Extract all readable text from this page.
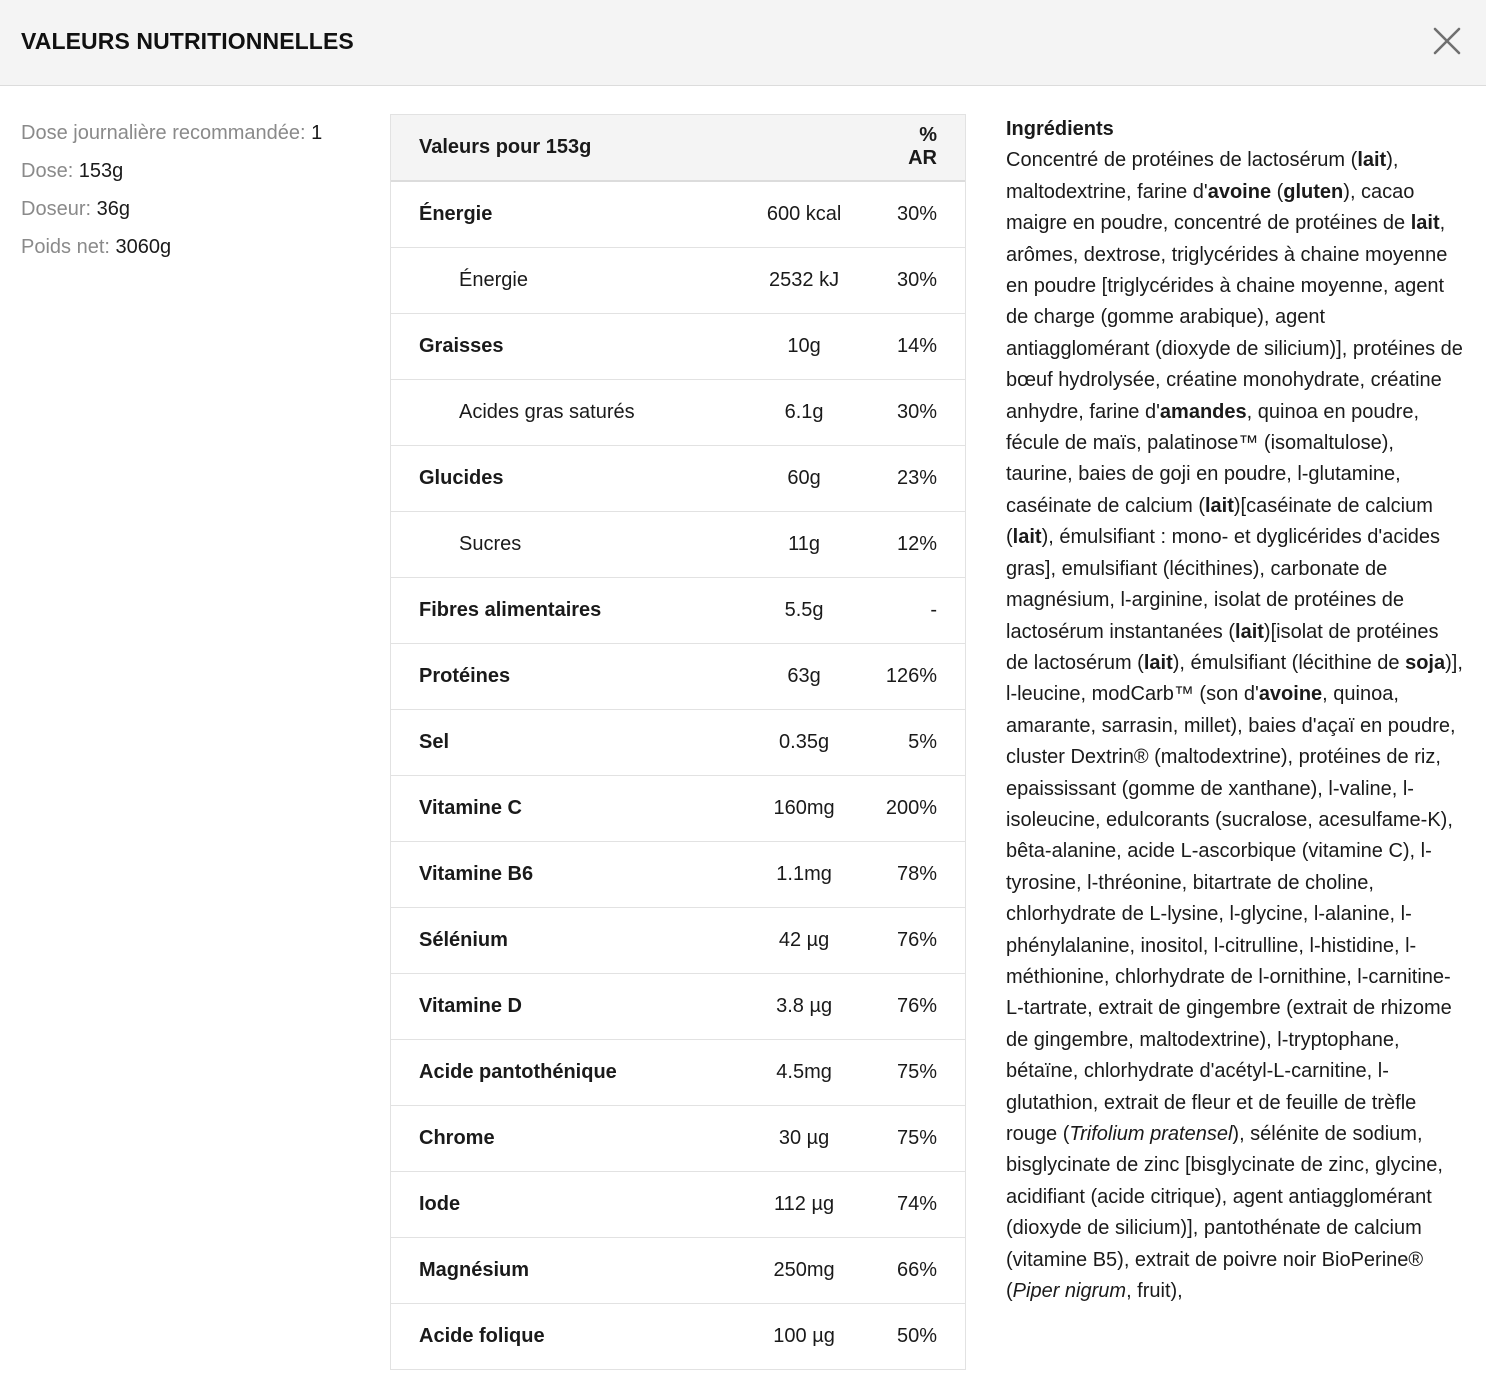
VALEURS NUTRITIONNELLES
Dose journalière recommandée: 1
Dose: 153g
Doseur: 36g
Poids net: 3060g
Valeurs pour 153g		% AR
Énergie	600 kcal	30%
Énergie	2532 kJ	30%
Graisses	10g	14%
Acides gras saturés	6.1g	30%
Glucides	60g	23%
Sucres	11g	12%
Fibres alimentaires	5.5g	-
Protéines	63g	126%
Sel	0.35g	5%
Vitamine C	160mg	200%
Vitamine B6	1.1mg	78%
Sélénium	42 µg	76%
Vitamine D	3.8 µg	76%
Acide pantothénique	4.5mg	75%
Chrome	30 µg	75%
Iode	112 µg	74%
Magnésium	250mg	66%
Acide folique	100 µg	50%
Ingrédients

Concentré de protéines de lactosérum (lait), maltodextrine, farine d'avoine (gluten), cacao maigre en poudre, concentré de protéines de lait, arômes, dextrose, triglycérides à chaine moyenne en poudre [triglycérides à chaine moyenne, agent de charge (gomme arabique), agent antiagglomérant (dioxyde de silicium)], protéines de bœuf hydrolysée, créatine monohydrate, créatine anhydre, farine d'amandes, quinoa en poudre, fécule de maïs, palatinose™ (isomaltulose), taurine, baies de goji en poudre, l-glutamine, caséinate de calcium (lait)[caséinate de calcium (lait), émulsifiant : mono- et dyglicérides d'acides gras], emulsifiant (lécithines), carbonate de magnésium, l-arginine, isolat de protéines de lactosérum instantanées (lait)[isolat de protéines de lactosérum (lait), émulsifiant (lécithine de soja)], l-leucine, modCarb™ (son d'avoine, quinoa, amarante, sarrasin, millet), baies d'açaï en poudre, cluster Dextrin® (maltodextrine), protéines de riz, epaississant (gomme de xanthane), l-valine, l-isoleucine, edulcorants (sucralose, acesulfame-K), bêta-alanine, acide L-ascorbique (vitamine C), l-tyrosine, l-thréonine, bitartrate de choline, chlorhydrate de L-lysine, l-glycine, l-alanine, l-phénylalanine, inositol, l-citrulline, l-histidine, l-méthionine, chlorhydrate de l-ornithine, l-carnitine-L-tartrate, extrait de gingembre (extrait de rhizome de gingembre, maltodextrine), l-tryptophane, bétaïne, chlorhydrate d'acétyl-L-carnitine, l-glutathion, extrait de fleur et de feuille de trèfle rouge (Trifolium pratensel), sélénite de sodium, bisglycinate de zinc [bisglycinate de zinc, glycine, acidifiant (acide citrique), agent antiagglomérant (dioxyde de silicium)], pantothénate de calcium (vitamine B5), extrait de poivre noir BioPerine® (Piper nigrum, fruit),
